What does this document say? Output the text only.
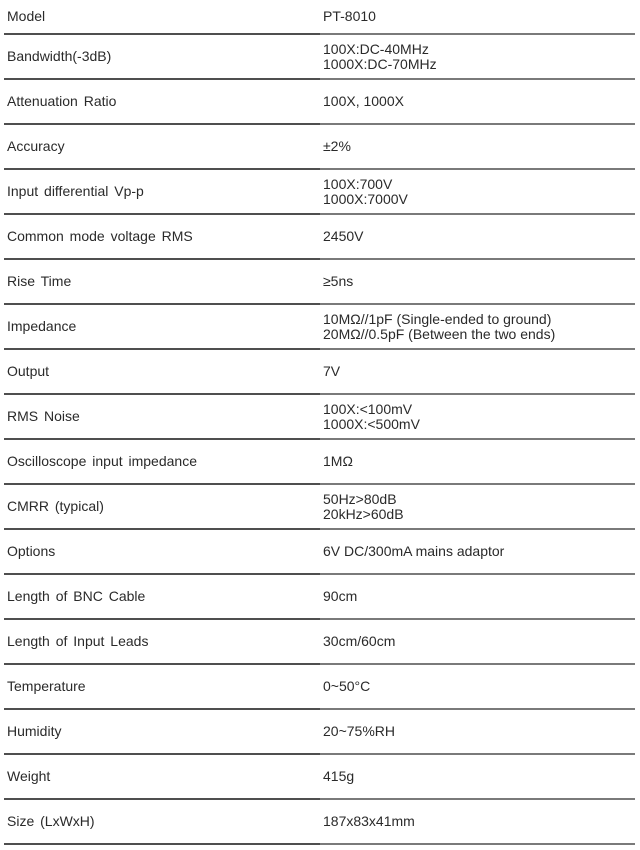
Model	PT-8010
Bandwidth(-3dB)	100X:DC-40MHz
1000X:DC-70MHz
Attenuation Ratio	100X, 1000X
Accuracy	±2%
Input differential Vp-p	100X:700V
1000X:7000V
Common mode voltage RMS	2450V
Rise Time	≥5ns
Impedance	10MΩ//1pF (Single-ended to ground)
20MΩ//0.5pF (Between the two ends)
Output	7V
RMS Noise	100X:<100mV
1000X:<500mV
Oscilloscope input impedance	1MΩ
CMRR (typical)	50Hz>80dB
20kHz>60dB
Options	6V DC/300mA mains adaptor
Length of BNC Cable	90cm
Length of Input Leads	30cm/60cm
Temperature	0~50°C
Humidity	20~75%RH
Weight	415g
Size (LxWxH)	187x83x41mm
